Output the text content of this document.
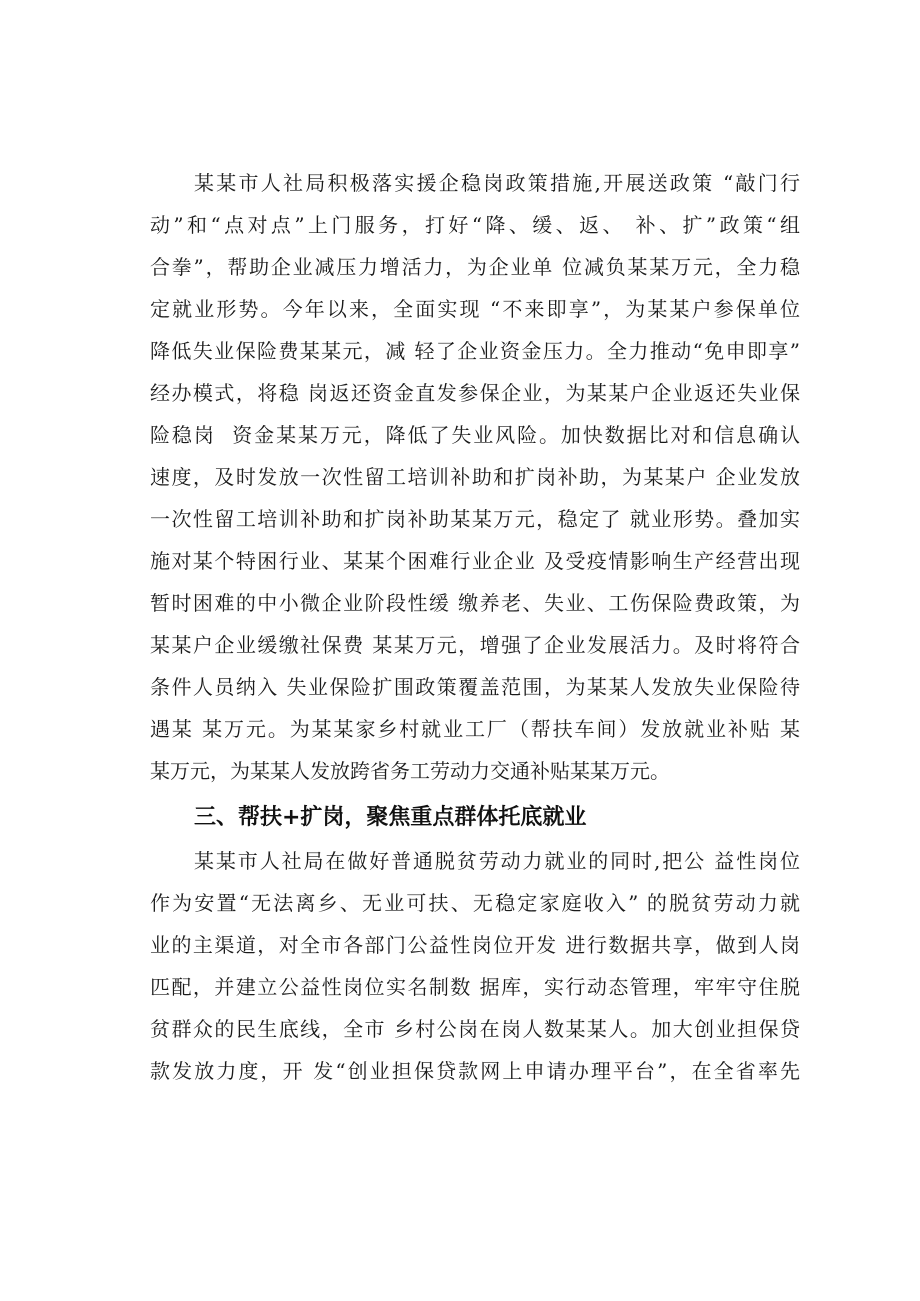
某某市人社局积极落实援企稳岗政策措施,开展送政策 “敲门行
动”和“点对点”上门服务，打好“降、缓、返、 补、扩”政策“组
合拳”，帮助企业减压力增活力，为企业单 位减负某某万元，全力稳
定就业形势。今年以来，全面实现 “不来即享”，为某某户参保单位
降低失业保险费某某元，减 轻了企业资金压力。全力推动“免申即享”
经办模式，将稳 岗返还资金直发参保企业，为某某户企业返还失业保
险稳岗  资金某某万元，降低了失业风险。加快数据比对和信息确认
速度，及时发放一次性留工培训补助和扩岗补助，为某某户 企业发放
一次性留工培训补助和扩岗补助某某万元，稳定了 就业形势。叠加实
施对某个特困行业、某某个困难行业企业 及受疫情影响生产经营出现
暂时困难的中小微企业阶段性缓 缴养老、失业、工伤保险费政策，为
某某户企业缓缴社保费 某某万元，增强了企业发展活力。及时将符合
条件人员纳入 失业保险扩围政策覆盖范围，为某某人发放失业保险待
遇某 某万元。为某某家乡村就业工厂（帮扶车间）发放就业补贴 某
某万元，为某某人发放跨省务工劳动力交通补贴某某万元。
三、帮扶+扩岗，聚焦重点群体托底就业
某某市人社局在做好普通脱贫劳动力就业的同时,把公 益性岗位
作为安置“无法离乡、无业可扶、无稳定家庭收入” 的脱贫劳动力就
业的主渠道，对全市各部门公益性岗位开发 进行数据共享，做到人岗
匹配，并建立公益性岗位实名制数 据库，实行动态管理，牢牢守住脱
贫群众的民生底线，全市 乡村公岗在岗人数某某人。加大创业担保贷
款发放力度，开 发“创业担保贷款网上申请办理平台”，在全省率先
